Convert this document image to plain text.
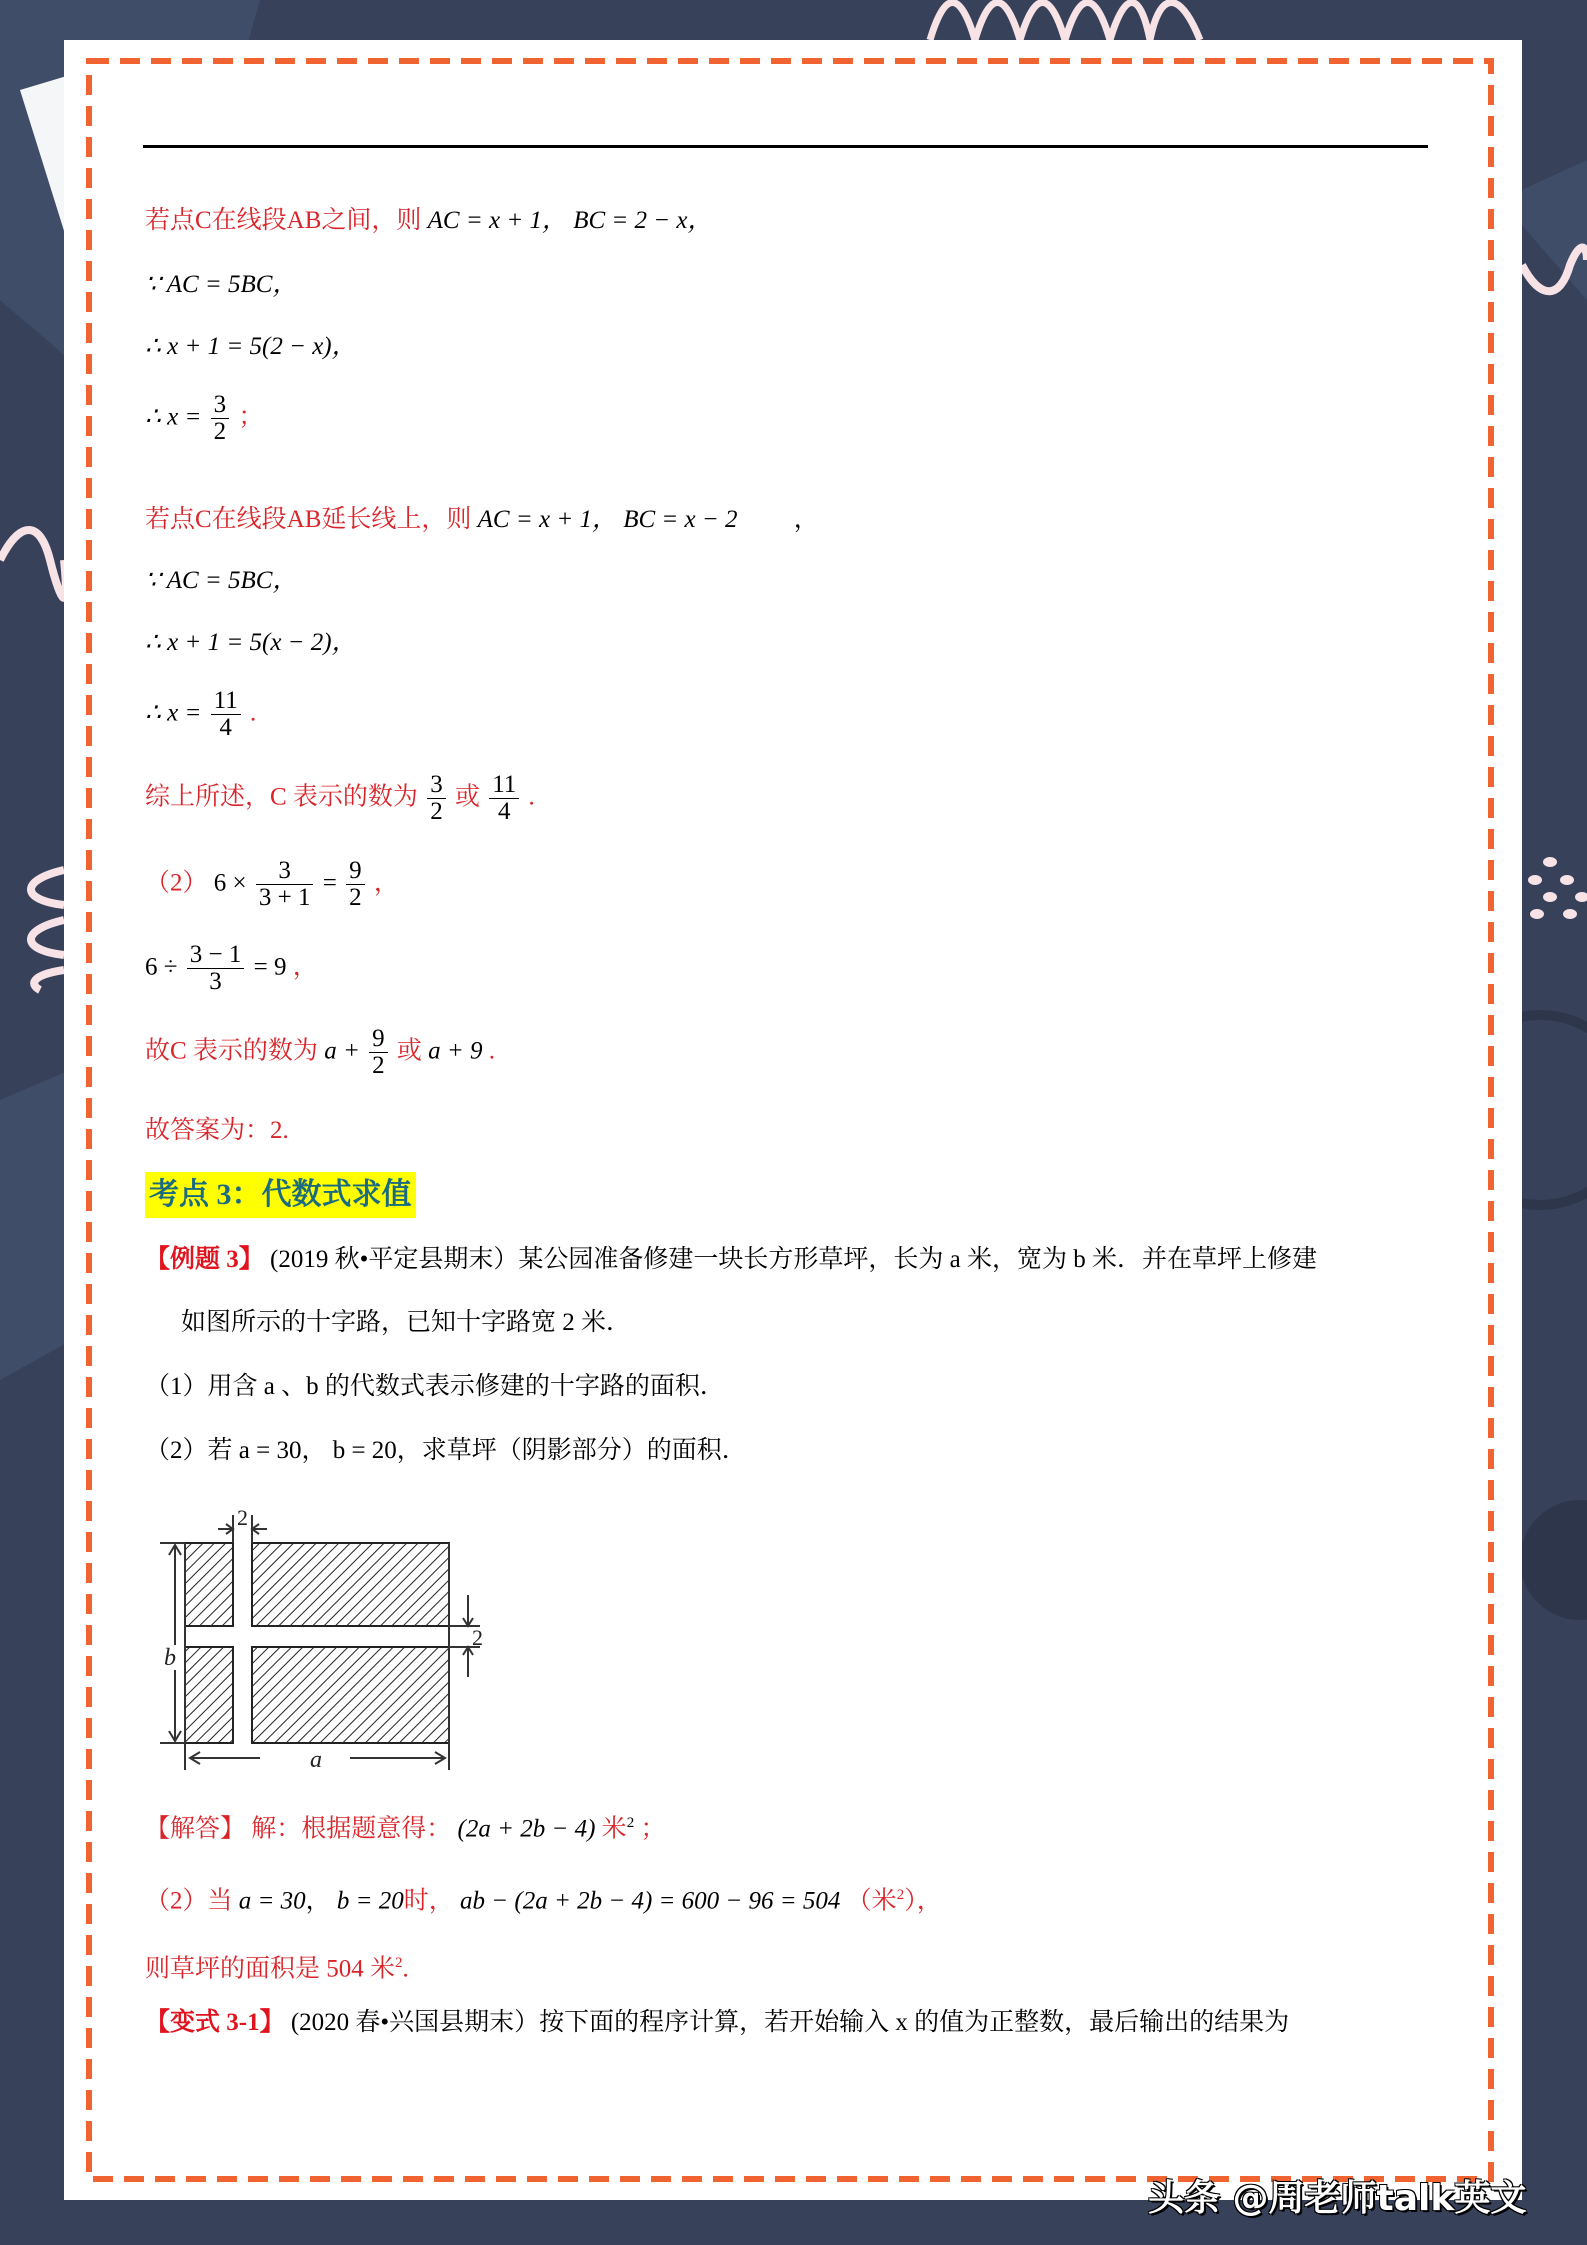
若点C在线段AB之间，则 AC = x + 1， BC = 2 − x，
∵ AC = 5BC，
∴ x + 1 = 5(2 − x)，
∴ $x = \frac{3}{2}$ ；
若点C在线段AB延长线上，则 AC = x + 1， BC = x − 2 ，
∵ AC = 5BC，
∴ x + 1 = 5(x − 2)，
∴ $x = \frac{11}{4}$ .
综上所述，C 表示的数为 $\frac{3}{2}$ 或 $\frac{11}{4}$ .
（2） $6 \times \frac{3}{3 + 1} = \frac{9}{2}$ ，
$6 \div \frac{3 - 1}{3} = 9$ ，
故C 表示的数为 $a + \frac{9}{2}$ 或 a + 9 .
故答案为：2.
考点 3：代数式求值
【例题 3】 (2019 秋•平定县期末）某公园准备修建一块长方形草坪，长为 a 米，宽为 b 米．并在草坪上修建
如图所示的十字路，已知十字路宽 2 米．
（1）用含 a 、b 的代数式表示修建的十字路的面积．
（2）若 a = 30， b = 20，求草坪（阴影部分）的面积．
2
2
b
a
【解答】 解：根据题意得： (2a + 2b − 4) 米$^2$ ；
（2）当 a = 30， b = 20时， ab − (2a + 2b − 4) = 600 − 96 = 504 （米$^2$），
则草坪的面积是 504 米$^2$.
【变式 3-1】 (2020 春•兴国县期末）按下面的程序计算，若开始输入 x 的值为正整数，最后输出的结果为
头条 @周老师talk英文
